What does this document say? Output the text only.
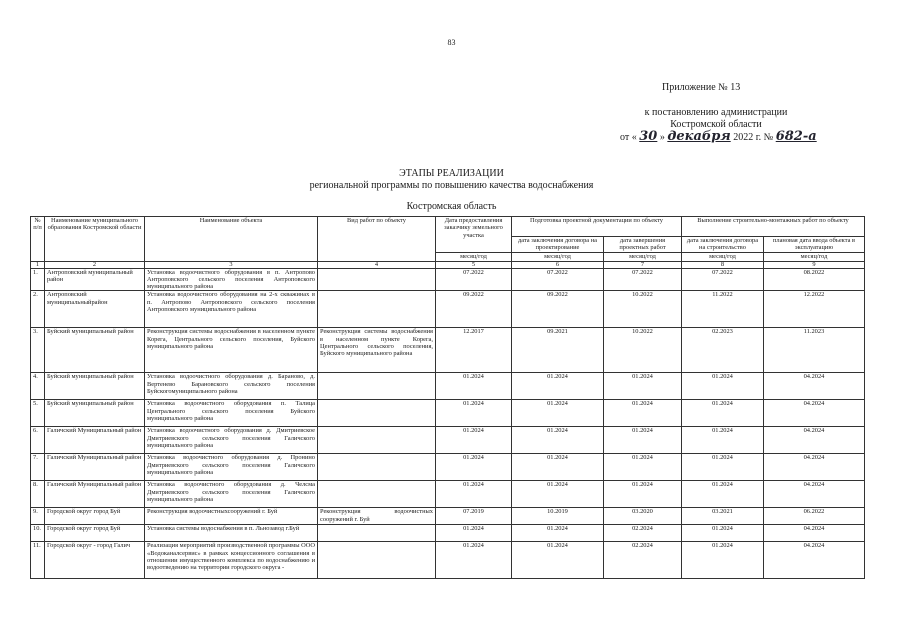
83
Приложение № 13
к постановлению администрации
Костромской области
от « 30 » декабря 2022 г. № 682-а
ЭТАПЫ РЕАЛИЗАЦИИ
региональной программы по повышению качества водоснабжения
Костромская область
№ п/п	Наименование муниципального образования Костромской области	Наименование объекта	Вид работ по объекту	Дата предоставления заказчику земельного участка	Подготовка проектной документации по объекту		Выполнение строительно-монтажных работ по объекту	
					дата заключения договора на проектирование	дата завершения проектных работ	дата заключения договора на строительство	плановая дата ввода объекта в эксплуатацию
				месяц/год	месяц/год	месяц/год	месяц/год	месяц/год
1	2	3	4	5	6	7	8	9
1.	Антроповский муниципальный район	Установка водоочистного оборудования в п. Антропово Антроповского сельского поселения Антроповского муниципального района		07.2022	07.2022	07.2022	07.2022	08.2022
2.	Антроповский муниципальныйрайон	Установка водоочистного оборудования на 2-х скважинах в п. Антропово Антроповского сельского поселения Антроповского муниципального района		09.2022	09.2022	10.2022	11.2022	12.2022
3.	Буйский муниципальный район	Реконструкция системы водоснабжения в населенном пункте Корега, Центрального сельского поселения, Буйского муниципального района	Реконструкция системы водоснабжения в населенном пункте Корега, Центрального сельского поселения, Буйского муниципального района	12.2017	09.2021	10.2022	02.2023	11.2023
4.	Буйский муниципальный район	Установка водоочистного оборудования д. Бараново, д. Вертенево Барановского сельского поселения Буйскогомуниципального района		01.2024	01.2024	01.2024	01.2024	04.2024
5.	Буйский муниципальный район	Установка водоочистного оборудования п. Талица Центрального сельского поселения Буйского муниципального района		01.2024	01.2024	01.2024	01.2024	04.2024
6.	Галичский Муниципальный район	Установка водоочистного оборудования д. Дмитриевское Дмитриевского сельского поселения Галичского муниципального района		01.2024	01.2024	01.2024	01.2024	04.2024
7.	Галичский Муниципальный район	Установка водоочистного оборудования д. Пронино Дмитриевского сельского поселения Галичского муниципального района		01.2024	01.2024	01.2024	01.2024	04.2024
8.	Галичский Муниципальный район	Установка водоочистного оборудования д. Челсма Дмитриевского сельского поселения Галичского муниципального района		01.2024	01.2024	01.2024	01.2024	04.2024
9.	Городской округ город Буй	Реконструкция водоочистныхсооружений г. Буй	Реконструкция водоочистных сооружений г. Буй	07.2019	10.2019	03.2020	03.2021	06.2022
10.	Городской округ город Буй	Установка системы водоснабжения в п. Льнозавод г.Буй		01.2024	01.2024	02.2024	01.2024	04.2024
11.	Городской округ - город Галич	Реализация мероприятий производственной программы ООО «Водоканалсервис» в рамках концессионного соглашения в отношении имущественного комплекса по водоснабжению и водоотведению на территории городского округа -		01.2024	01.2024	02.2024	01.2024	04.2024
